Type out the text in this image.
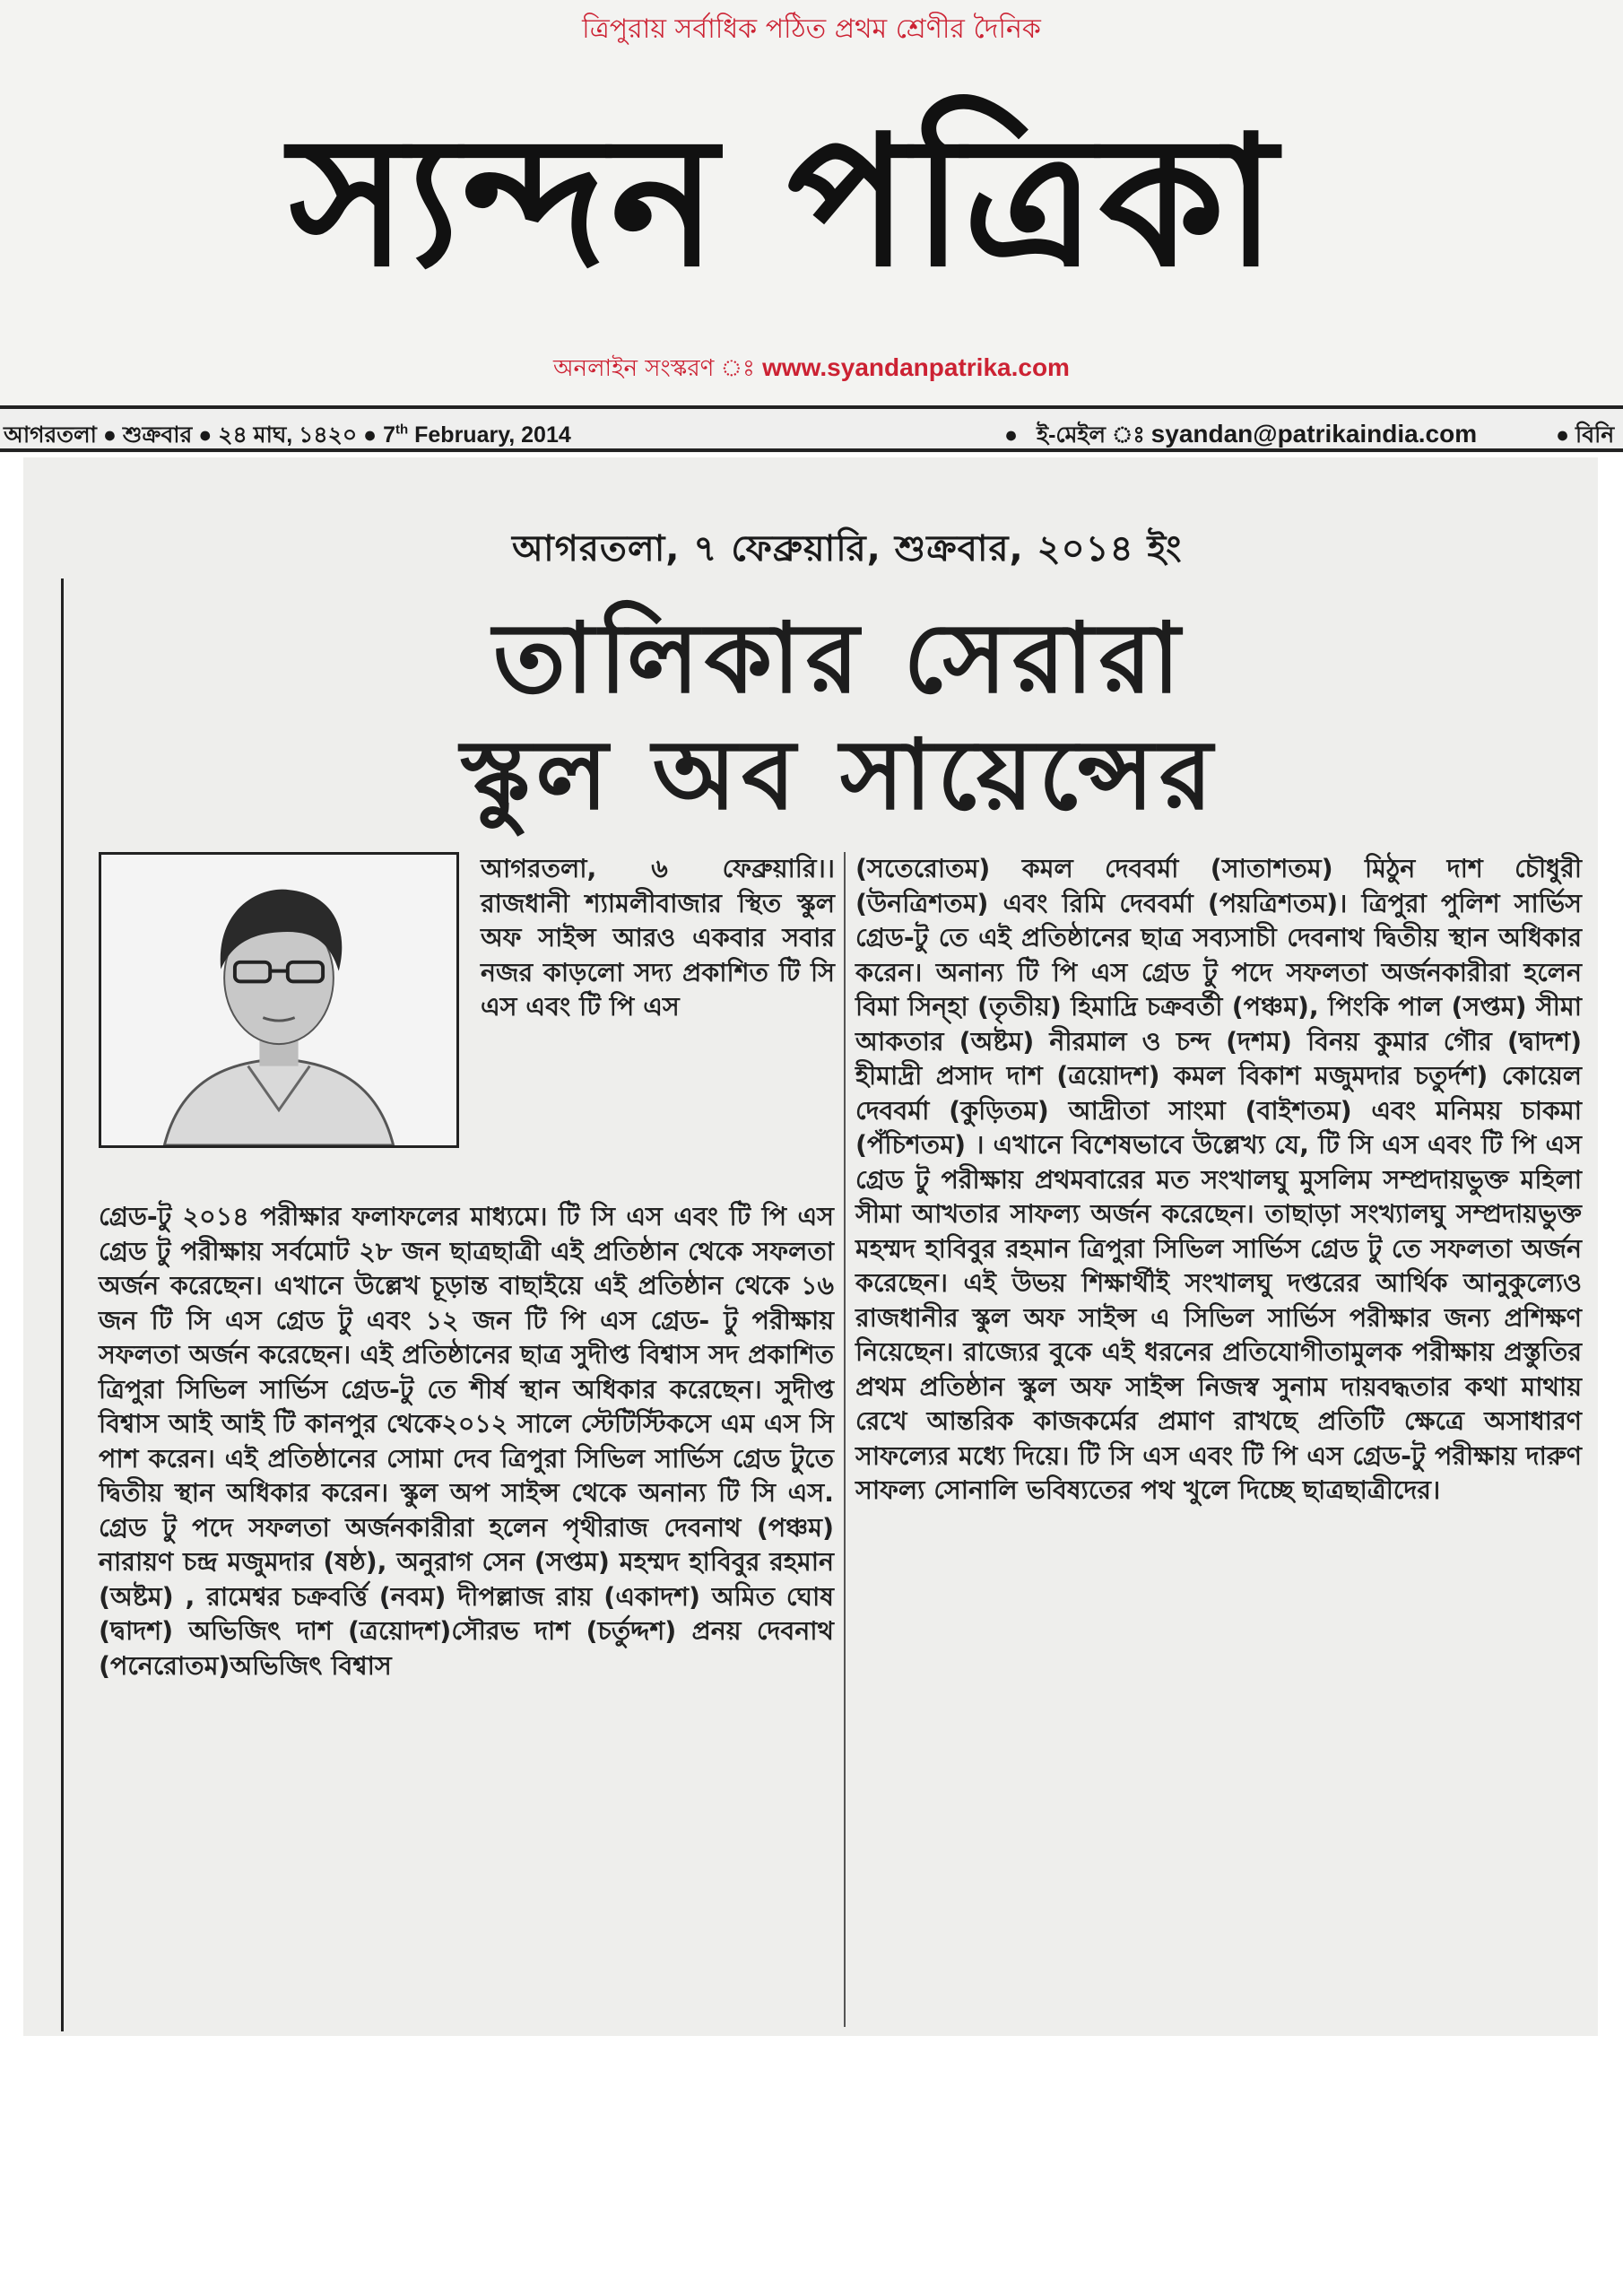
ত্রিপুরায় সর্বাধিক পঠিত প্রথম শ্রেণীর দৈনিক
স্যন্দন পত্রিকা
অনলাইন সংস্করণ ঃ www.syandanpatrika.com
আগরতলা ● শুক্রবার ● ২৪ মাঘ, ১৪২০ ● 7th February, 2014	● ই-মেইল ঃ syandan@patrikaindia.com	● বিনি
আগরতলা, ৭ ফেব্রুয়ারি, শুক্রবার, ২০১৪ ইং
তালিকার সেরারা
স্কুল অব সায়েন্সের
আগরতলা, ৬ ফেব্রুয়ারি।। রাজধানী শ্যামলীবাজার স্থিত স্কুল অফ সাইন্স আরও একবার সবার নজর কাড়লো সদ্য প্রকাশিত টি সি এস এবং টি পি এস
গ্রেড-টু ২০১৪ পরীক্ষার ফলাফলের মাধ্যমে। টি সি এস এবং টি পি এস গ্রেড টু পরীক্ষায় সর্বমোট ২৮ জন ছাত্রছাত্রী এই প্রতিষ্ঠান থেকে সফলতা অর্জন করেছেন। এখানে উল্লেখ চূড়ান্ত বাছাইয়ে এই প্রতিষ্ঠান থেকে ১৬ জন টি সি এস গ্রেড টু এবং ১২ জন টি পি এস গ্রেড- টু পরীক্ষায় সফলতা অর্জন করেছেন। এই প্রতিষ্ঠানের ছাত্র সুদীপ্ত বিশ্বাস সদ প্রকাশিত ত্রিপুরা সিভিল সার্ভিস গ্রেড-টু তে শীর্ষ স্থান অধিকার করেছেন। সুদীপ্ত বিশ্বাস আই আই টি কানপুর থেকে২০১২ সালে স্টেটিস্টিকসে এম এস সি পাশ করেন। এই প্রতিষ্ঠানের সোমা দেব ত্রিপুরা সিভিল সার্ভিস গ্রেড টুতে দ্বিতীয় স্থান অধিকার করেন। স্কুল অপ সাইন্স থেকে অনান্য টি সি এস. গ্রেড টু পদে সফলতা অর্জনকারীরা হলেন পৃথীরাজ দেবনাথ (পঞ্চম) নারায়ণ চন্দ্র মজুমদার (ষষ্ঠ), অনুরাগ সেন (সপ্তম) মহম্মদ হাবিবুর রহমান (অষ্টম) , রামেশ্বর চক্রবর্ত্তি (নবম) দীপল্লাজ রায় (একাদশ) অমিত ঘোষ (দ্বাদশ) অভিজিৎ দাশ (ত্রয়োদশ)সৌরভ দাশ (চর্তুদ্দশ) প্রনয় দেবনাথ (পনেরোতম)অভিজিৎ বিশ্বাস
(সতেরোতম) কমল দেববর্মা (সাতাশতম) মিঠুন দাশ চৌধুরী (উনত্রিশতম) এবং রিমি দেববর্মা (পয়ত্রিশতম)। ত্রিপুরা পুলিশ সার্ভিস গ্রেড-টু তে এই প্রতিষ্ঠানের ছাত্র সব্যসাচী দেবনাথ দ্বিতীয় স্থান অধিকার করেন। অনান্য টি পি এস গ্রেড টু পদে সফলতা অর্জনকারীরা হলেন বিমা সিন্হা (তৃতীয়) হিমাদ্রি চক্রবর্তী (পঞ্চম), পিংকি পাল (সপ্তম) সীমা আকতার (অষ্টম) নীরমাল ও চন্দ (দশম) বিনয় কুমার গৌর (দ্বাদশ) হীমাদ্রী প্রসাদ দাশ (ত্রয়োদশ) কমল বিকাশ মজুমদার চতুর্দশ) কোয়েল দেববর্মা (কুড়িতম) আদ্রীতা সাংমা (বাইশতম) এবং মনিময় চাকমা (পঁচিশতম) । এখানে বিশেষভাবে উল্লেখ্য যে, টি সি এস এবং টি পি এস গ্রেড টু পরীক্ষায় প্রথমবারের মত সংখালঘু মুসলিম সম্প্রদায়ভুক্ত মহিলা সীমা আখতার সাফল্য অর্জন করেছেন। তাছাড়া সংখ্যালঘু সম্প্রদায়ভুক্ত মহম্মদ হাবিবুর রহমান ত্রিপুরা সিভিল সার্ভিস গ্রেড টু তে সফলতা অর্জন করেছেন। এই উভয় শিক্ষার্থীই সংখালঘু দপ্তরের আর্থিক আনুকুল্যেও রাজধানীর স্কুল অফ সাইন্স এ সিভিল সার্ভিস পরীক্ষার জন্য প্রশিক্ষণ নিয়েছেন। রাজ্যের বুকে এই ধরনের প্রতিযোগীতামুলক পরীক্ষায় প্রস্তুতির প্রথম প্রতিষ্ঠান স্কুল অফ সাইন্স নিজস্ব সুনাম দায়বদ্ধতার কথা মাথায় রেখে আন্তরিক কাজকর্মের প্রমাণ রাখছে প্রতিটি ক্ষেত্রে অসাধারণ সাফল্যের মধ্যে দিয়ে। টি সি এস এবং টি পি এস গ্রেড-টু পরীক্ষায় দারুণ সাফল্য সোনালি ভবিষ্যতের পথ খুলে দিচ্ছে ছাত্রছাত্রীদের।
